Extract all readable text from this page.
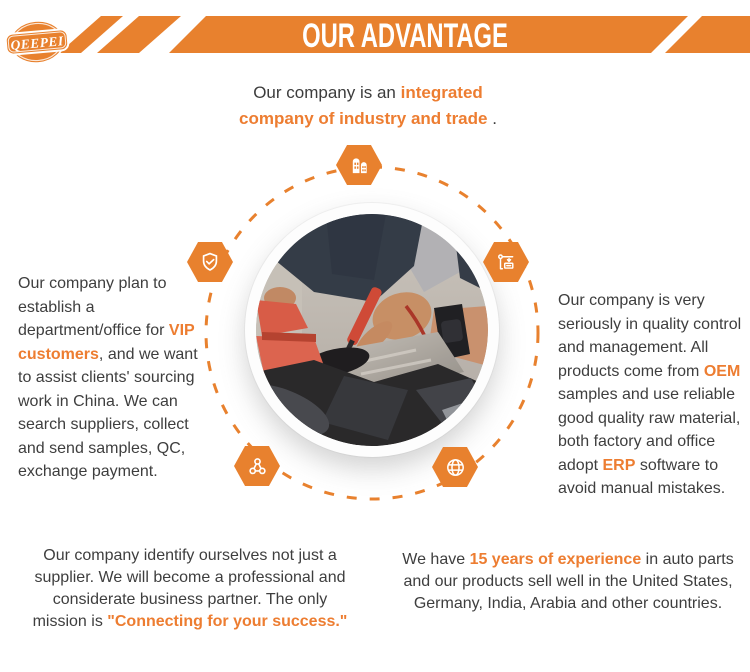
OUR ADVANTAGE
QEEPEI
Our company is an integrated
company of industry and trade .
Our company plan to establish a department/office for VIP customers, and we want to assist clients' sourcing work in China. We can search suppliers, collect and send samples, QC, exchange payment.
Our company is very seriously in quality control and management. All products come from OEM samples and use reliable good quality raw material, both factory and office adopt ERP software to avoid manual mistakes.
Our company identify ourselves not just a supplier. We will become a professional and considerate business partner. The only mission is "Connecting for your success."
We have 15 years of experience in auto parts and our products sell well in the United States, Germany, India, Arabia and other countries.
